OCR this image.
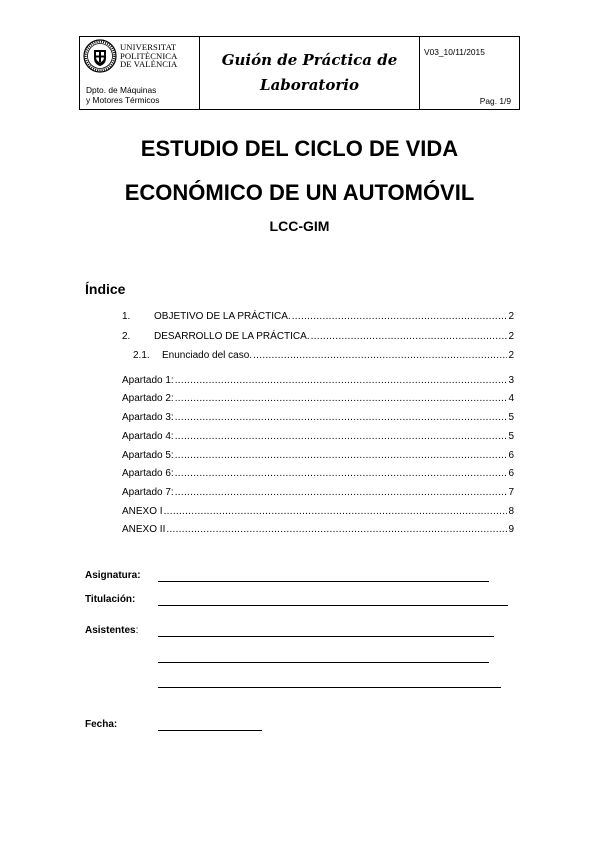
UNIVERSITAT
POLITÈCNICA
DE VALÈNCIA
Dpto. de Máquinas
y Motores Térmicos
Guión de Práctica de
Laboratorio
V03_10/11/2015
Pag. 1/9
ESTUDIO DEL CICLO DE VIDA
ECONÓMICO DE UN AUTOMÓVIL
LCC-GIM
Índice
1.	OBJETIVO DE LA PRÁCTICA. .....	2
2.	DESARROLLO DE LA PRÁCTICA. .....	2
2.1.	Enunciado del caso. .....	2
Apartado 1: .....	3
Apartado 2: .....	4
Apartado 3: .....	5
Apartado 4: .....	5
Apartado 5: .....	6
Apartado 6: .....	6
Apartado 7: .....	7
ANEXO I .....	8
ANEXO II .....	9
Asignatura:
Titulación:
Asistentes:
Fecha:
